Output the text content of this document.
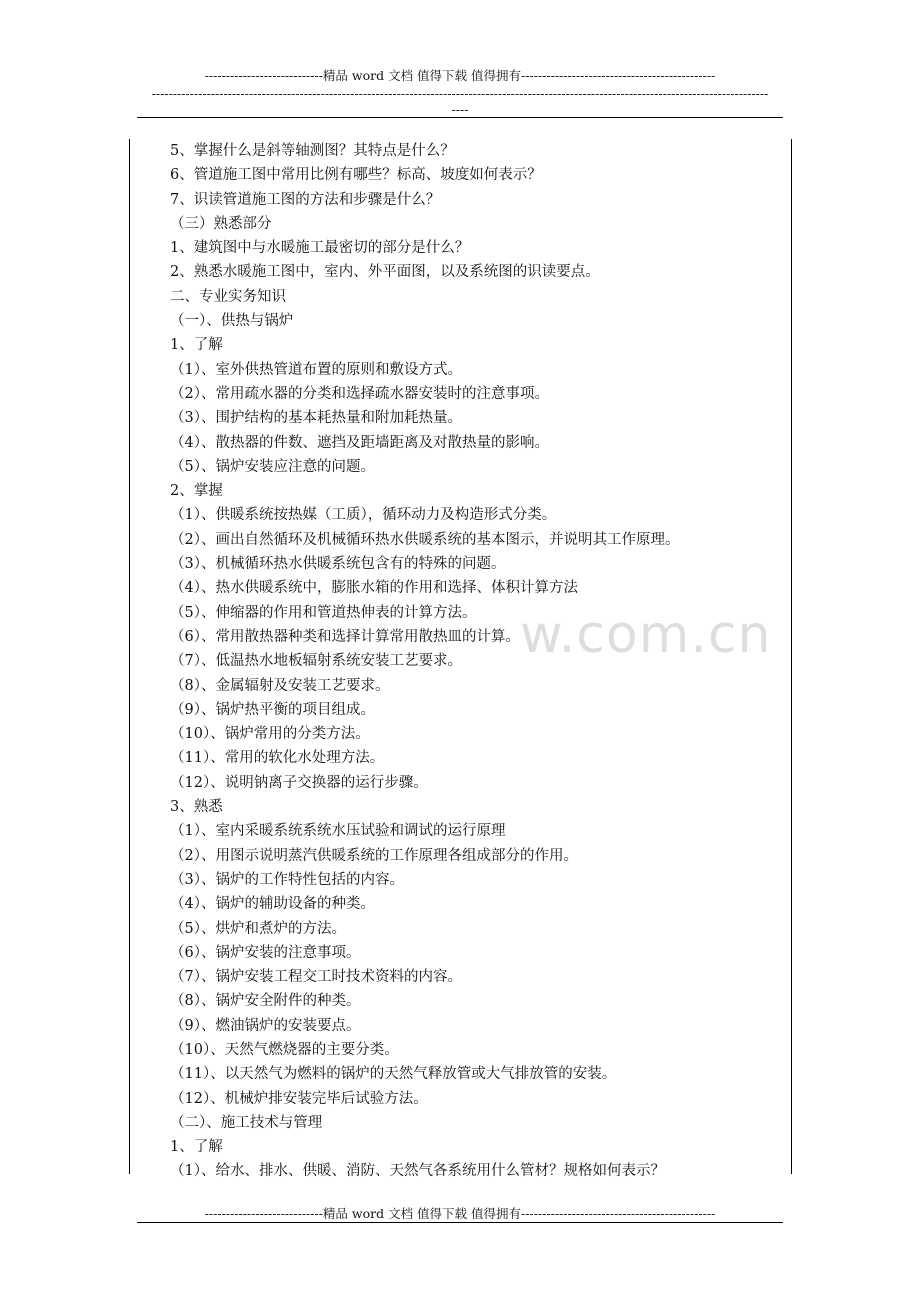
----------------------------精品 word 文档 值得下载 值得拥有----------------------------------------------
--------------------------------------------------------------------------------------------------------------------------------------------------
----
w.com.cn
5、掌握什么是斜等轴测图？其特点是什么？
6、管道施工图中常用比例有哪些？标高、坡度如何表示？
7、识读管道施工图的方法和步骤是什么？
（三）熟悉部分
1、建筑图中与水暖施工最密切的部分是什么？
2、熟悉水暖施工图中，室内、外平面图，以及系统图的识读要点。
二、专业实务知识
（一）、供热与锅炉
1、了解
（1）、室外供热管道布置的原则和敷设方式。
（2）、常用疏水器的分类和选择疏水器安装时的注意事项。
（3）、围护结构的基本耗热量和附加耗热量。
（4）、散热器的件数、遮挡及距墙距离及对散热量的影响。
（5）、锅炉安装应注意的问题。
2、掌握
（1）、供暖系统按热媒（工质），循环动力及构造形式分类。
（2）、画出自然循环及机械循环热水供暖系统的基本图示，并说明其工作原理。
（3）、机械循环热水供暖系统包含有的特殊的问题。
（4）、热水供暖系统中，膨胀水箱的作用和选择、体积计算方法
（5）、伸缩器的作用和管道热伸表的计算方法。
（6）、常用散热器种类和选择计算常用散热皿的计算。
（7）、低温热水地板辐射系统安装工艺要求。
（8）、金属辐射及安装工艺要求。
（9）、锅炉热平衡的项目组成。
（10）、锅炉常用的分类方法。
（11）、常用的软化水处理方法。
（12）、说明钠离子交换器的运行步骤。
3、熟悉
（1）、室内采暖系统系统水压试验和调试的运行原理
（2）、用图示说明蒸汽供暖系统的工作原理各组成部分的作用。
（3）、锅炉的工作特性包括的内容。
（4）、锅炉的辅助设备的种类。
（5）、烘炉和煮炉的方法。
（6）、锅炉安装的注意事项。
（7）、锅炉安装工程交工时技术资料的内容。
（8）、锅炉安全附件的种类。
（9）、燃油锅炉的安装要点。
（10）、天然气燃烧器的主要分类。
（11）、以天然气为燃料的锅炉的天然气释放管或大气排放管的安装。
（12）、机械炉排安装完毕后试验方法。
（二）、施工技术与管理
1、了解
（1）、给水、排水、供暖、消防、天然气各系统用什么管材？规格如何表示？
----------------------------精品 word 文档 值得下载 值得拥有----------------------------------------------
